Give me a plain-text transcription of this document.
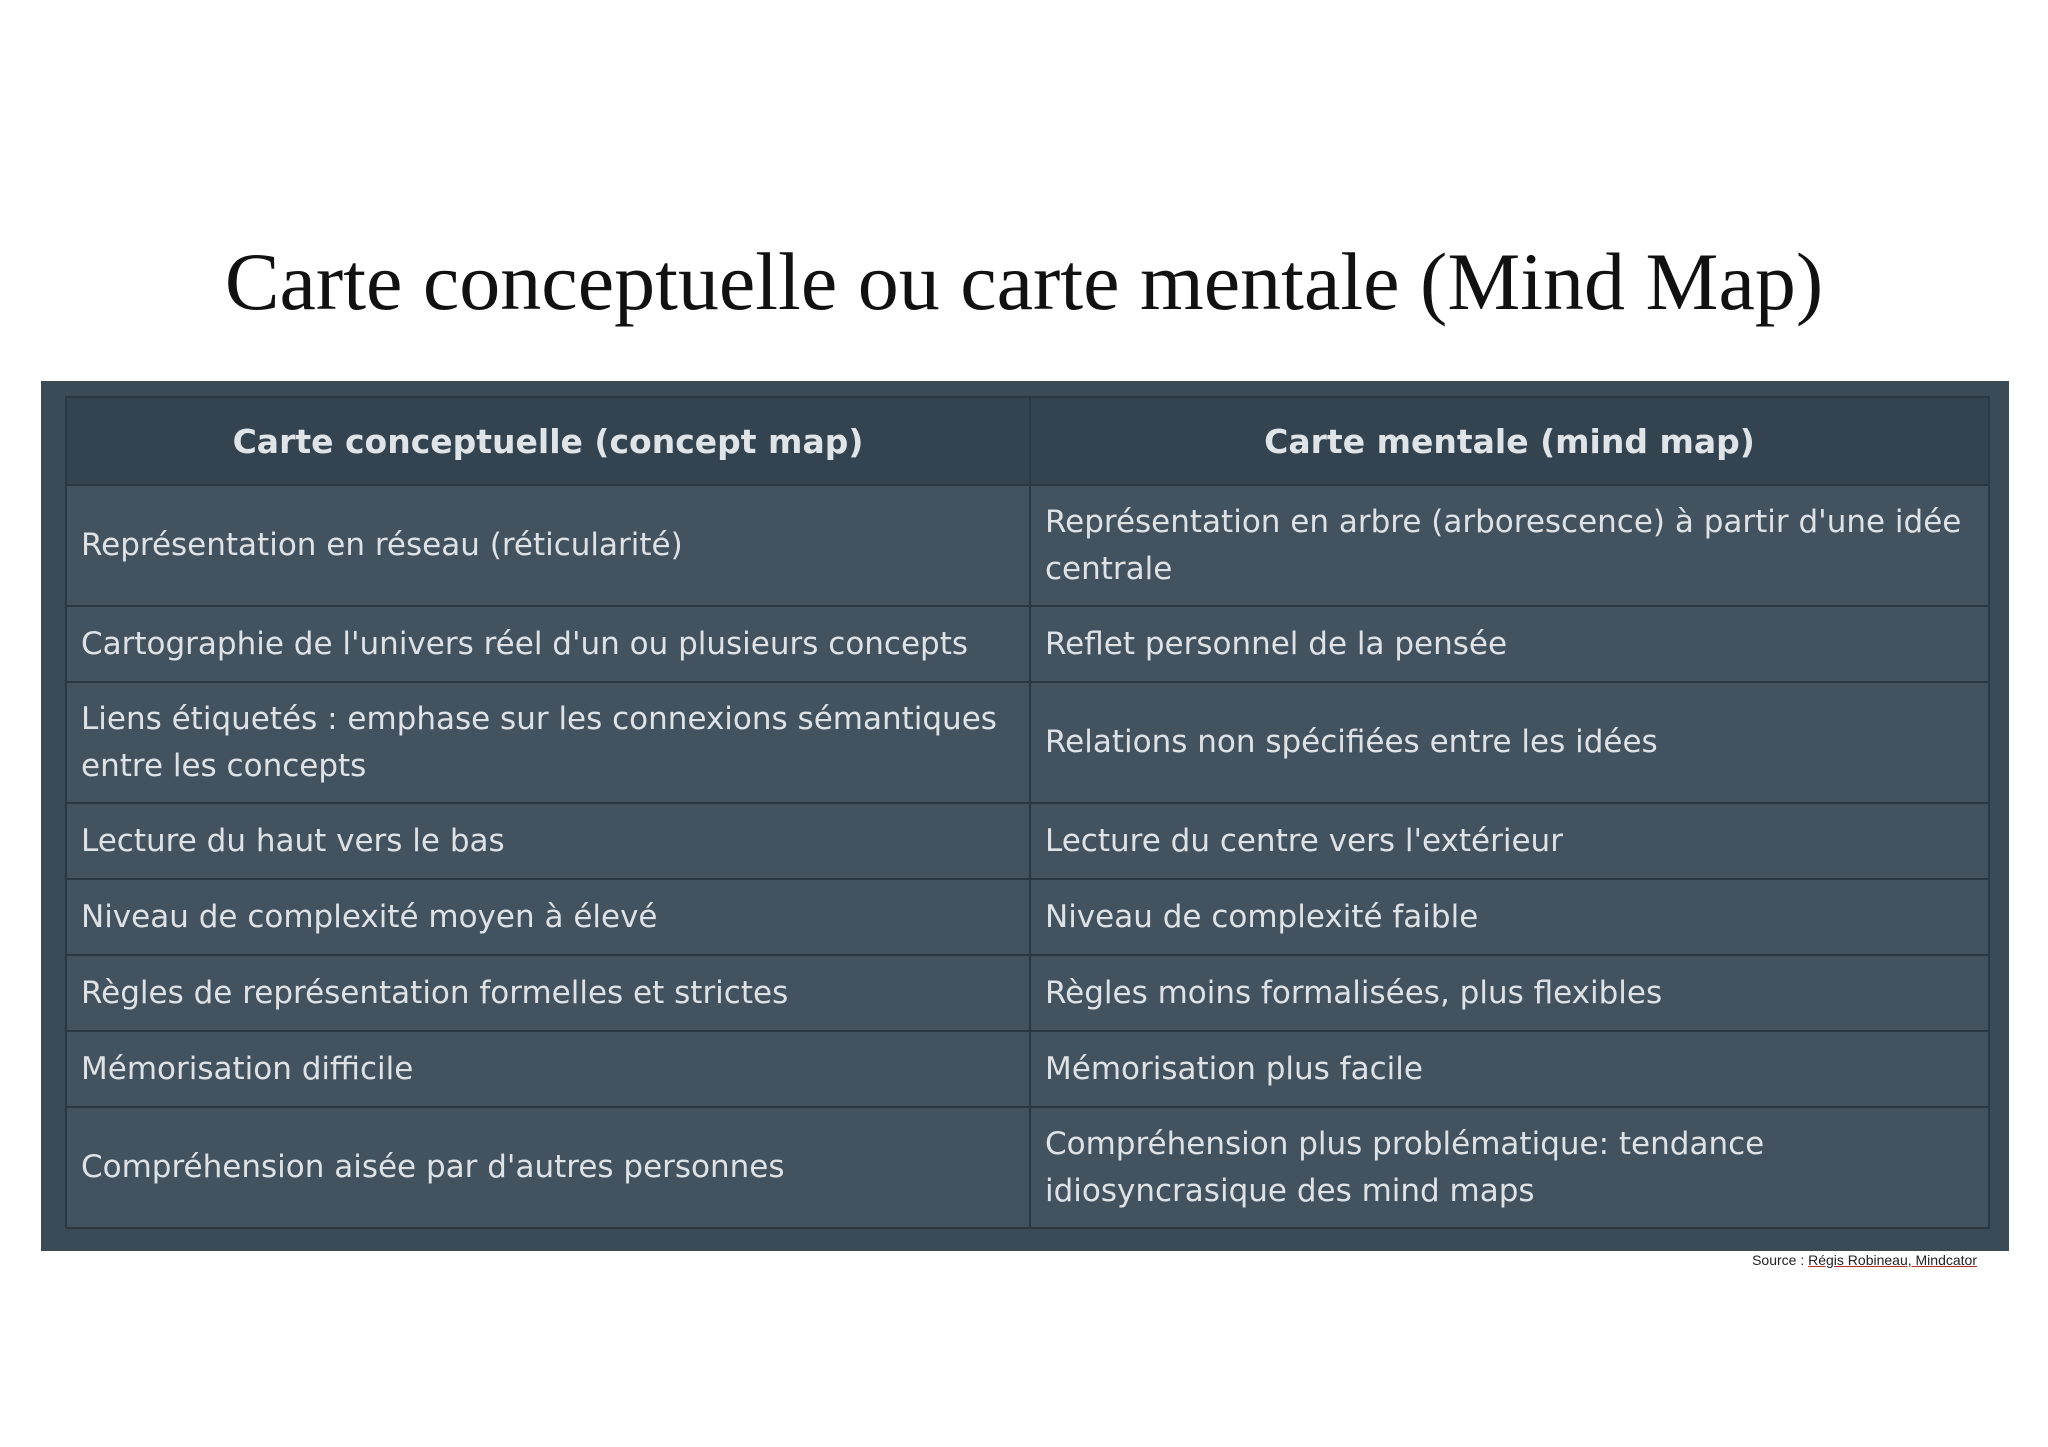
Carte conceptuelle ou carte mentale (Mind Map)
Carte conceptuelle (concept map)	Carte mentale (mind map)
Représentation en réseau (réticularité)	Représentation en arbre (arborescence) à partir d'une idée centrale
Cartographie de l'univers réel d'un ou plusieurs concepts	Reflet personnel de la pensée
Liens étiquetés : emphase sur les connexions sémantiques entre les concepts	Relations non spécifiées entre les idées
Lecture du haut vers le bas	Lecture du centre vers l'extérieur
Niveau de complexité moyen à élevé	Niveau de complexité faible
Règles de représentation formelles et strictes	Règles moins formalisées, plus flexibles
Mémorisation difficile	Mémorisation plus facile
Compréhension aisée par d'autres personnes	Compréhension plus problématique: tendance idiosyncrasique des mind maps
Source : Régis Robineau, Mindcator
